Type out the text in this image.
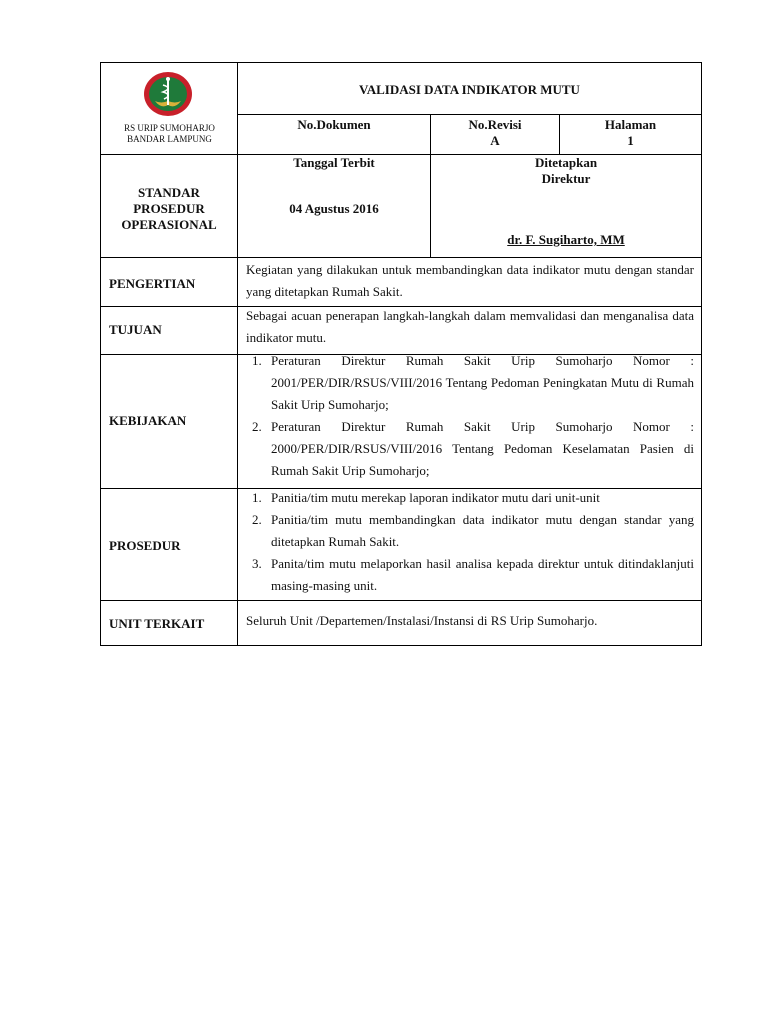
RS URIP SUMOHARJO
BANDAR LAMPUNG
VALIDASI DATA INDIKATOR MUTU
No.Dokumen	No.Revisi
A
Halaman
1
STANDAR
PROSEDUR
OPERASIONAL
Tanggal Terbit
04 Agustus 2016
Ditetapkan
Direktur
dr. F. Sugiharto, MM
PENGERTIAN
Kegiatan yang dilakukan untuk membandingkan data indikator mutu dengan standar yang ditetapkan Rumah Sakit.
TUJUAN
Sebagai acuan penerapan langkah-langkah dalam memvalidasi dan menganalisa data indikator mutu.
KEBIJAKAN
1. Peraturan Direktur Rumah Sakit Urip Sumoharjo Nomor : 2001/PER/DIR/RSUS/VIII/2016 Tentang Pedoman Peningkatan Mutu di Rumah Sakit Urip Sumoharjo;
2. Peraturan Direktur Rumah Sakit Urip Sumoharjo Nomor : 2000/PER/DIR/RSUS/VIII/2016 Tentang Pedoman Keselamatan Pasien di Rumah Sakit Urip Sumoharjo;
PROSEDUR
1. Panitia/tim mutu merekap laporan indikator mutu dari unit-unit
2. Panitia/tim mutu membandingkan data indikator mutu dengan standar yang ditetapkan Rumah Sakit.
3. Panita/tim mutu melaporkan hasil analisa kepada direktur untuk ditindaklanjuti masing-masing unit.
UNIT TERKAIT	Seluruh Unit /Departemen/Instalasi/Instansi di RS Urip Sumoharjo.
